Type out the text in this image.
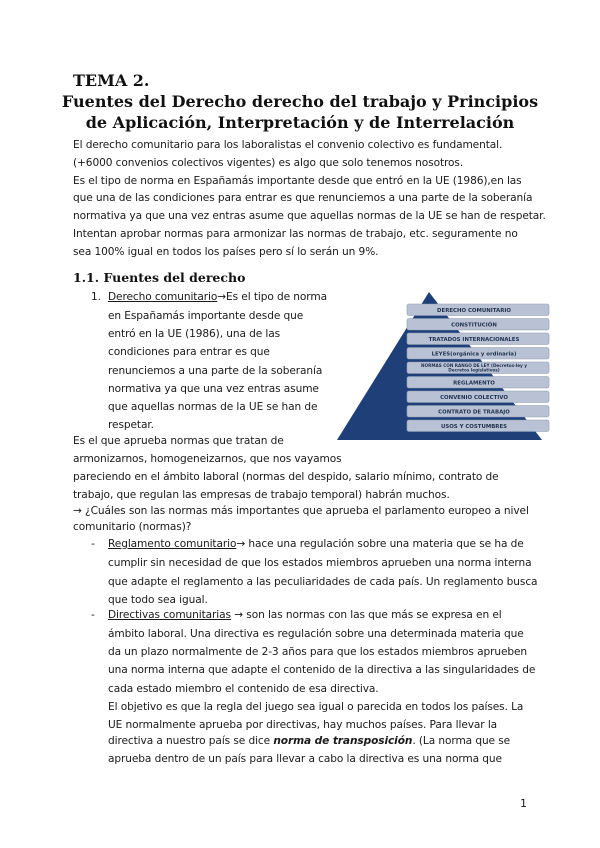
TEMA 2.
Fuentes del Derecho derecho del trabajo y Principios
de Aplicación, Interpretación y de Interrelación
El derecho comunitario para los laboralistas el convenio colectivo es fundamental.
(+6000 convenios colectivos vigentes) es algo que solo tenemos nosotros.
Es el tipo de norma en Españamás importante desde que entró en la UE (1986),en las
que una de las condiciones para entrar es que renunciemos a una parte de la soberanía
normativa ya que una vez entras asume que aquellas normas de la UE se han de respetar.
Intentan aprobar normas para armonizar las normas de trabajo, etc. seguramente no
sea 100% igual en todos los países pero sí lo serán un 9%.
1.1. Fuentes del derecho
1. Derecho comunitario→Es el tipo de norma
en Españamás importante desde que
entró en la UE (1986), una de las
condiciones para entrar es que
renunciemos a una parte de la soberanía
normativa ya que una vez entras asume
que aquellas normas de la UE se han de
respetar.
DERECHO COMUNITARIO
CONSTITUCIÓN
TRATADOS INTERNACIONALES
LEYES(orgánica y ordinaria)
NORMAS CON RANGO DE LEY (Decretos-ley y
Decretos legislativos)
REGLAMENTO
CONVENIO COLECTIVO
CONTRATO DE TRABAJO
USOS Y COSTUMBRES
Es el que aprueba normas que tratan de
armonizarnos, homogeneizarnos, que nos vayamos
pareciendo en el ámbito laboral (normas del despido, salario mínimo, contrato de
trabajo, que regulan las empresas de trabajo temporal) habrán muchos.
→ ¿Cuáles son las normas más importantes que aprueba el parlamento europeo a nivel
comunitario (normas)?
- Reglamento comunitario→ hace una regulación sobre una materia que se ha de
cumplir sin necesidad de que los estados miembros aprueben una norma interna
que adapte el reglamento a las peculiaridades de cada país. Un reglamento busca
que todo sea igual.
- Directivas comunitarias → son las normas con las que más se expresa en el
ámbito laboral. Una directiva es regulación sobre una determinada materia que
da un plazo normalmente de 2-3 años para que los estados miembros aprueben
una norma interna que adapte el contenido de la directiva a las singularidades de
cada estado miembro el contenido de esa directiva.
El objetivo es que la regla del juego sea igual o parecida en todos los países. La
UE normalmente aprueba por directivas, hay muchos países. Para llevar la
directiva a nuestro país se dice norma de transposición. (La norma que se
aprueba dentro de un país para llevar a cabo la directiva es una norma que
1
